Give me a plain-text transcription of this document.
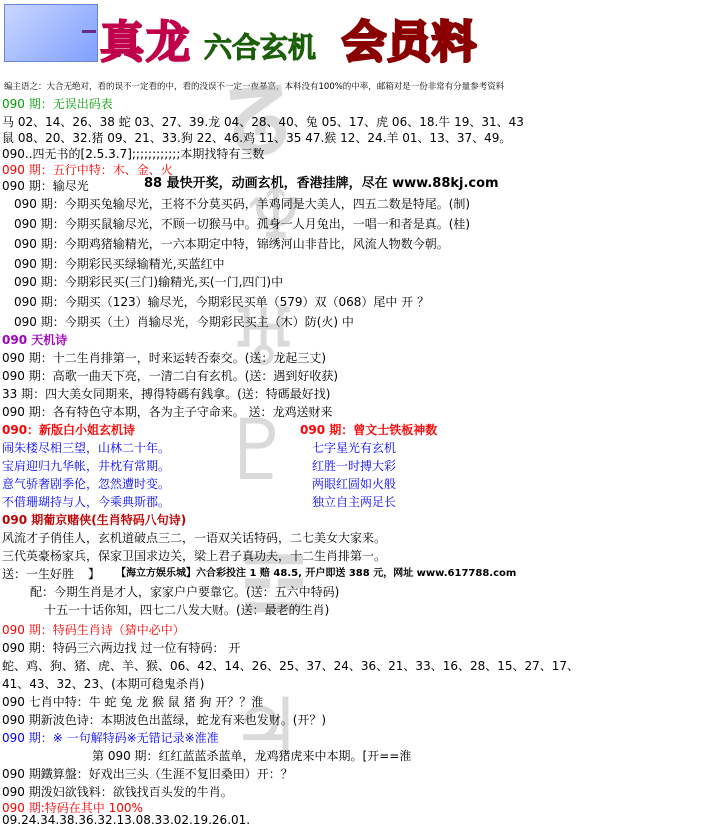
真龙 六合玄机 会员料
编主语之：大合无绝对，看的误不一定看的中，看的没误不一定一夜暴富，本料没有100%的中率，邮箱对是一份非常有分量参考资料
ᘔ
♆
♅
♇
☲
♃
090 期：无误出码表
马 02、14、26、38 蛇 03、27、39.龙 04、28、40、兔 05、17、虎 06、18.牛 19、31、43
鼠 08、20、32.猪 09、21、33.狗 22、46.鸡 11、35 47.猴 12、24.羊 01、13、37、49。
090..四无书的[2.5.3.7];;;;;;;;;;;;本期找特有三数
090 期：五行中特：木、金、火
090 期：输尽光	88 最快开奖，动画玄机，香港挂牌，尽在 www.88kj.com
090 期：今期买兔输尽光，王将不分莫买码，羊鸡同是大美人，四五二数是特尾。(制)
090 期：今期买鼠输尽光，不顾一切猴马中。孤身一人月兔出，一唱一和者是真。(桂)
090 期：今期鸡猪输精光，一六本期定中特，锦绣河山非昔比，风流人物数今朝。
090 期：今期彩民买绿输精光,买蓝红中
090 期：今期彩民买(三门)输精光,买(一门,四门)中
090 期：今期买（123）输尽光，今期彩民买单（579）双（068）尾中 开 ？
090 期：今期买（土）肖输尽光，今期彩民买主（木）防(火) 中
090 天机诗
090 期：十二生肖排第一，时来运转否泰交。(送：龙起三丈)
090 期：高歌一曲天下亮，一清二白有玄机。(送：遇到好收获)
33 期：四大美女同期来，搏得特碼有銭拿。(送：特碼最好找)
090 期：各有特色守本期，各为主子守命来。 送：龙鸡送财来
090：新版白小姐玄机诗	090 期：曾文士铁板神数
闹朱楼尽相三望，山林二十年。	七字星光有玄机
宝肩迎归九华帐，井枕有常期。	红胜一时搏大彩
意气骄奢剧季伦，忽然遭时变。	两眼红圆如火般
不借珊瑚持与人，今乘典斯郡。	独立自主两足长
090 期葡京赌侠(生肖特码八句诗)
风流才子俏佳人，玄机道破点三二，一语双关话特码，二七美女大家来。
三代英豪杨家兵，保家卫国求边关，梁上君子真功夫，十二生肖排第一。
送：一生好胜 】 【海立方娱乐城】六合彩投注 1 赔 48.5, 开户即送 388 元，网址 www.617788.com
配：今期生肖是才人，家家户户要靠它。(送：五六中特码)
十五一十话你知，四七二八发大财。(送：最老的生肖)
090 期：特码生肖诗（猜中必中）
090 期：特码三六两边找 过一位有特码： 开
蛇、鸡、狗、猪、虎、羊、猴、06、42、14、26、25、37、24、36、21、33、16、28、15、27、17、
41、43、32、23、(本期可稳鬼杀肖)
090 七肖中特：牛 蛇 兔 龙 猴 鼠 猪 狗 开？？淮
090 期新波色诗：本期波色出蓝绿，蛇龙有来也发财。(开？)
090 期：※ 一句解特码※无错记录※淮准
第 090 期：红红蓝蓝杀蓝单，龙鸡猪虎来中本期。[开==淮
090 期鐵算盤：好戏出三头（生涯不复旧桑田）开：？
090 期泼妇欲钱料：欲钱找百头发的牛肖。
090 期:特码在其中 100%
09.24.34.38.36.32.13.08.33.02.19.26.01.
